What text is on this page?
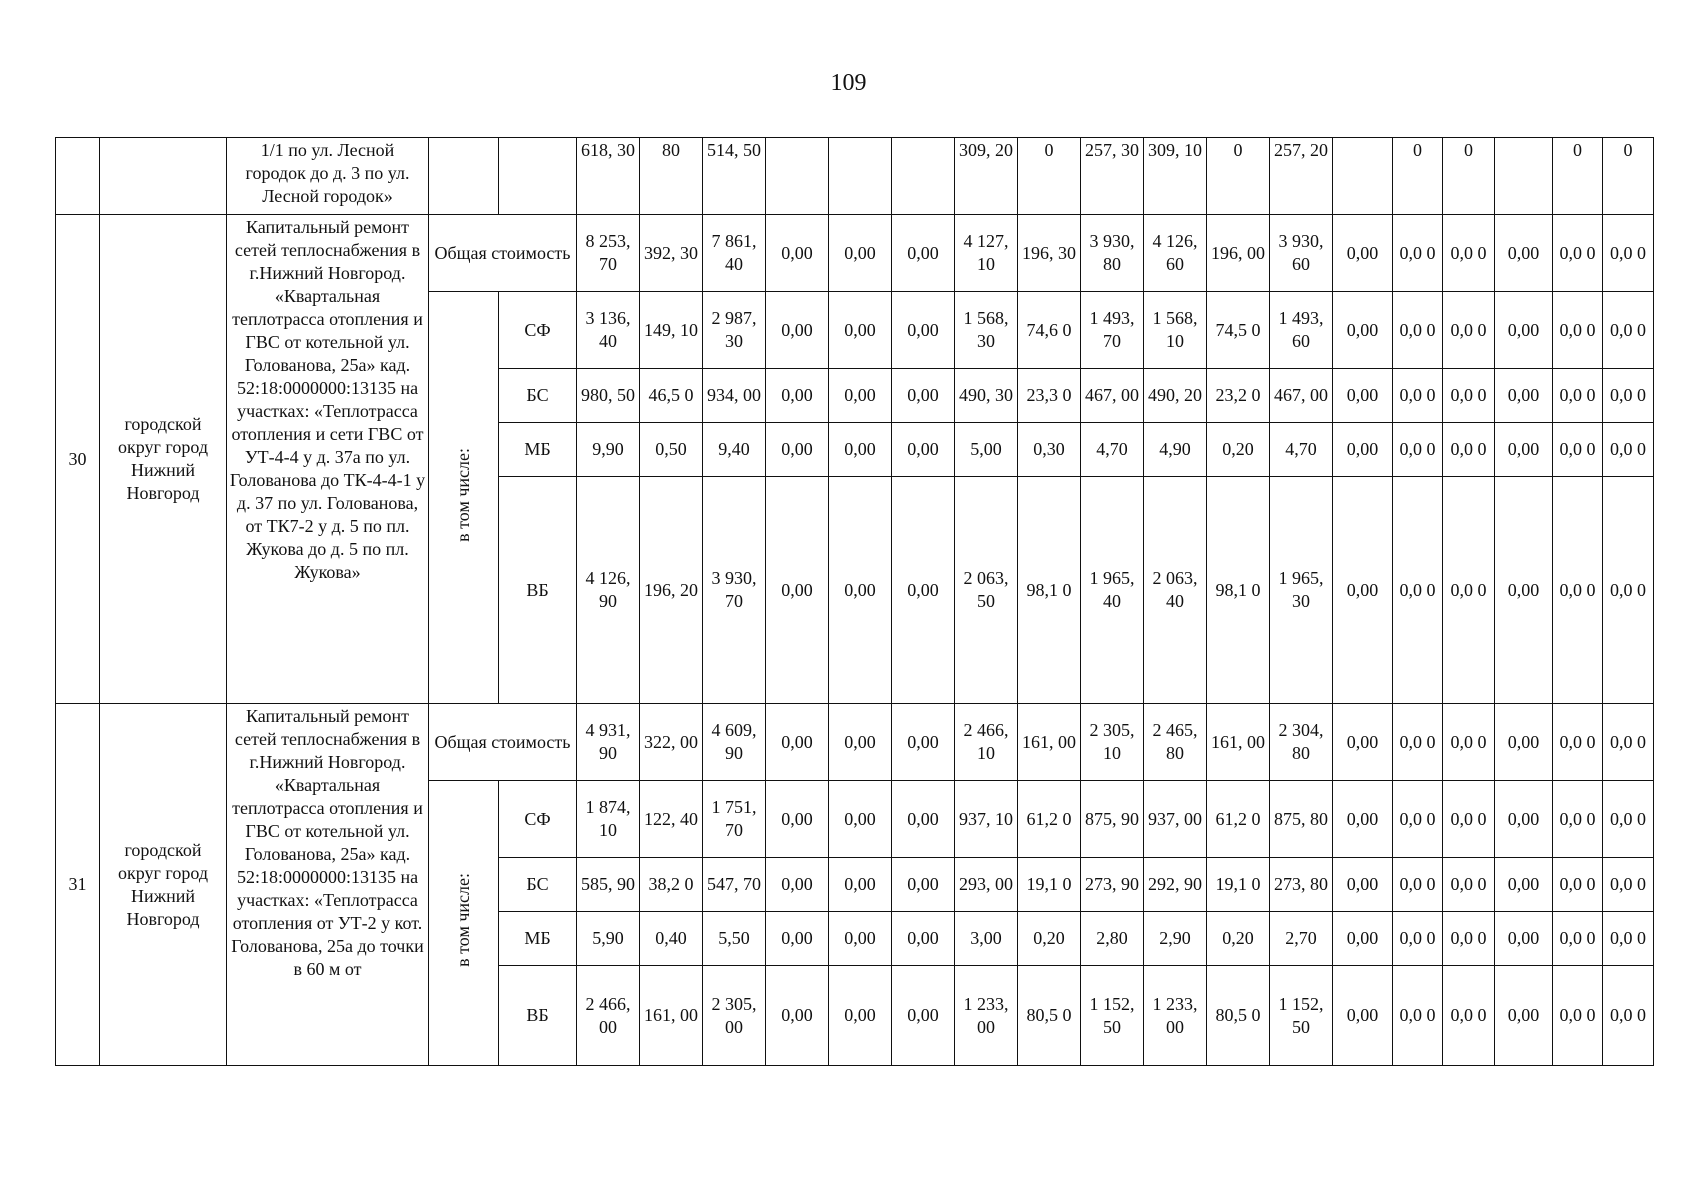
109
		1/1 по ул. Лесной городок до д. 3 по ул. Лесной городок»			618, 30	80	514, 50				309, 20	0	257, 30	309, 10	0	257, 20		0	0		0	0
30	городской округ город Нижний Новгород	Капитальный ремонт сетей теплоснабжения в г.Нижний Новгород. «Квартальная теплотрасса отопления и ГВС от котельной ул. Голованова, 25а» кад. 52:18:0000000:13135 на участках: «Теплотрасса отопления и сети ГВС от УТ-4-4 у д. 37а по ул. Голованова до ТК-4-4-1 у д. 37 по ул. Голованова, от ТК7-2 у д. 5 по пл. Жукова до д. 5 по пл. Жукова»	Общая стоимость		8 253, 70	392, 30	7 861, 40	0,00	0,00	0,00	4 127, 10	196, 30	3 930, 80	4 126, 60	196, 00	3 930, 60	0,00	0,0 0	0,0 0	0,00	0,0 0	0,0 0
			в том числе:	СФ	3 136, 40	149, 10	2 987, 30	0,00	0,00	0,00	1 568, 30	74,6 0	1 493, 70	1 568, 10	74,5 0	1 493, 60	0,00	0,0 0	0,0 0	0,00	0,0 0	0,0 0
				БС	980, 50	46,5 0	934, 00	0,00	0,00	0,00	490, 30	23,3 0	467, 00	490, 20	23,2 0	467, 00	0,00	0,0 0	0,0 0	0,00	0,0 0	0,0 0
				МБ	9,90	0,50	9,40	0,00	0,00	0,00	5,00	0,30	4,70	4,90	0,20	4,70	0,00	0,0 0	0,0 0	0,00	0,0 0	0,0 0
				ВБ	4 126, 90	196, 20	3 930, 70	0,00	0,00	0,00	2 063, 50	98,1 0	1 965, 40	2 063, 40	98,1 0	1 965, 30	0,00	0,0 0	0,0 0	0,00	0,0 0	0,0 0
31	городской округ город Нижний Новгород	Капитальный ремонт сетей теплоснабжения в г.Нижний Новгород. «Квартальная теплотрасса отопления и ГВС от котельной ул. Голованова, 25а» кад. 52:18:0000000:13135 на участках: «Теплотрасса отопления от УТ-2 у кот. Голованова, 25а до точки в 60 м от	Общая стоимость		4 931, 90	322, 00	4 609, 90	0,00	0,00	0,00	2 466, 10	161, 00	2 305, 10	2 465, 80	161, 00	2 304, 80	0,00	0,0 0	0,0 0	0,00	0,0 0	0,0 0
			в том числе:	СФ	1 874, 10	122, 40	1 751, 70	0,00	0,00	0,00	937, 10	61,2 0	875, 90	937, 00	61,2 0	875, 80	0,00	0,0 0	0,0 0	0,00	0,0 0	0,0 0
				БС	585, 90	38,2 0	547, 70	0,00	0,00	0,00	293, 00	19,1 0	273, 90	292, 90	19,1 0	273, 80	0,00	0,0 0	0,0 0	0,00	0,0 0	0,0 0
				МБ	5,90	0,40	5,50	0,00	0,00	0,00	3,00	0,20	2,80	2,90	0,20	2,70	0,00	0,0 0	0,0 0	0,00	0,0 0	0,0 0
				ВБ	2 466, 00	161, 00	2 305, 00	0,00	0,00	0,00	1 233, 00	80,5 0	1 152, 50	1 233, 00	80,5 0	1 152, 50	0,00	0,0 0	0,0 0	0,00	0,0 0	0,0 0
